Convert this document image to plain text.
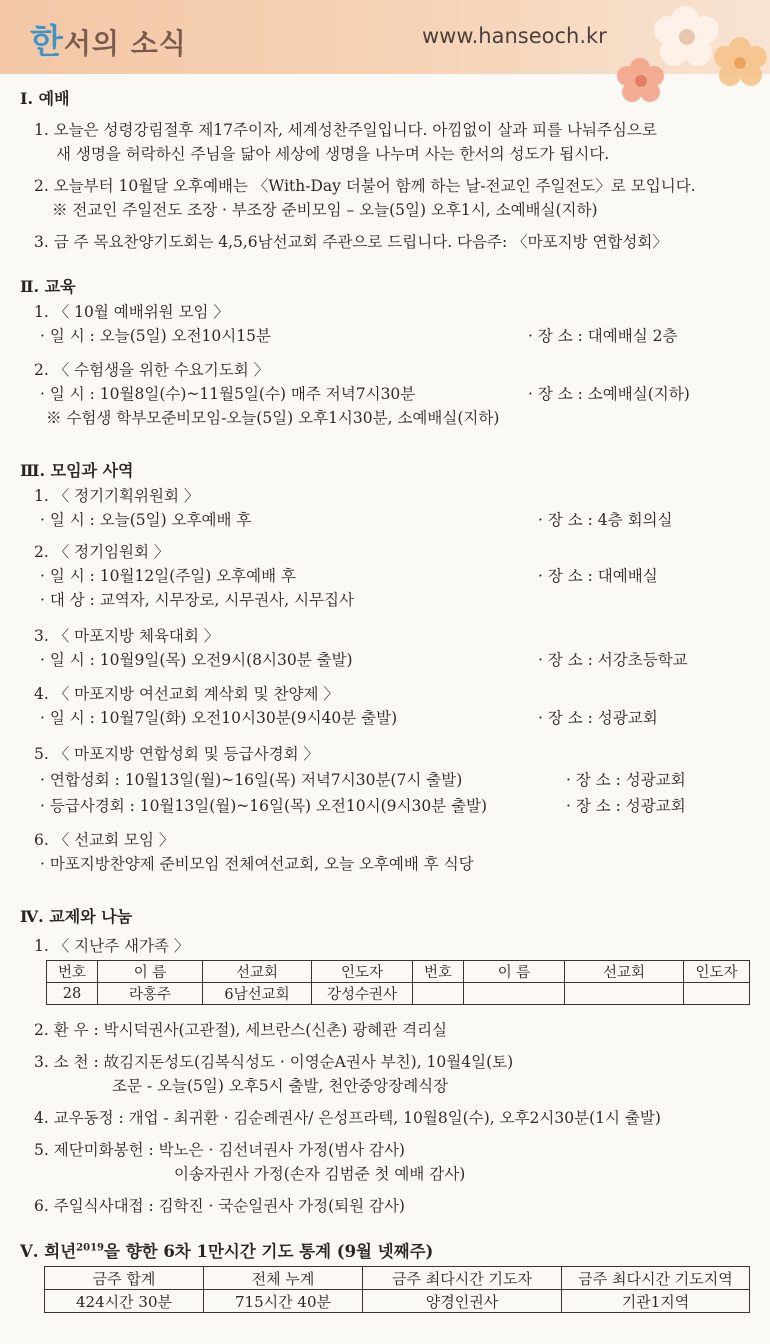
한서의 소식	www.hanseoch.kr
Ⅰ. 예배
1. 오늘은 성령강림절후 제17주이자, 세계성찬주일입니다. 아낌없이 살과 피를 나눠주심으로
새 생명을 허락하신 주님을 닮아 세상에 생명을 나누며 사는 한서의 성도가 됩시다.
2. 오늘부터 10월달 오후예배는 〈With-Day 더불어 함께 하는 날-전교인 주일전도〉로 모입니다.
※ 전교인 주일전도 조장 · 부조장 준비모임 – 오늘(5일) 오후1시, 소예배실(지하)
3. 금 주 목요찬양기도회는 4,5,6남선교회 주관으로 드립니다. 다음주: 〈마포지방 연합성회〉
Ⅱ. 교육
1. 〈 10월 예배위원 모임 〉
· 일 시 : 오늘(5일) 오전10시15분	· 장 소 : 대예배실 2층
2. 〈 수험생을 위한 수요기도회 〉
· 일 시 : 10월8일(수)~11월5일(수) 매주 저녁7시30분	· 장 소 : 소예배실(지하)
※ 수험생 학부모준비모임-오늘(5일) 오후1시30분, 소예배실(지하)
Ⅲ. 모임과 사역
1. 〈 정기기획위원회 〉
· 일 시 : 오늘(5일) 오후예배 후	· 장 소 : 4층 회의실
2. 〈 정기임원회 〉
· 일 시 : 10월12일(주일) 오후예배 후	· 장 소 : 대예배실
· 대 상 : 교역자, 시무장로, 시무권사, 시무집사
3. 〈 마포지방 체육대회 〉
· 일 시 : 10월9일(목) 오전9시(8시30분 출발)	· 장 소 : 서강초등학교
4. 〈 마포지방 여선교회 계삭회 및 찬양제 〉
· 일 시 : 10월7일(화) 오전10시30분(9시40분 출발)	· 장 소 : 성광교회
5. 〈 마포지방 연합성회 및 등급사경회 〉
· 연합성회 : 10월13일(월)~16일(목) 저녁7시30분(7시 출발)	· 장 소 : 성광교회
· 등급사경회 : 10월13일(월)~16일(목) 오전10시(9시30분 출발)	· 장 소 : 성광교회
6. 〈 선교회 모임 〉
· 마포지방찬양제 준비모임 전체여선교회, 오늘 오후예배 후 식당
Ⅳ. 교제와 나눔
1. 〈 지난주 새가족 〉
번호	이 름	선교회	인도자	번호	이 름	선교회	인도자
28	라홍주	6남선교회	강성수권사				
2. 환 우 : 박시덕권사(고관절), 세브란스(신촌) 광혜관 격리실
3. 소 천 : 故김지돈성도(김복식성도 · 이영순A권사 부친), 10월4일(토)
조문 - 오늘(5일) 오후5시 출발, 천안중앙장례식장
4. 교우동정 : 개업 - 최귀환 · 김순례권사/ 은성프라텍, 10월8일(수), 오후2시30분(1시 출발)
5. 제단미화봉헌 : 박노은 · 김선녀권사 가정(범사 감사)
이송자권사 가정(손자 김범준 첫 예배 감사)
6. 주일식사대접 : 김학진 · 국순일권사 가정(퇴원 감사)
Ⅴ. 희년$^{2019}$을 향한 6차 1만시간 기도 통계 (9월 넷째주)
금주 합계	전체 누계	금주 최다시간 기도자	금주 최다시간 기도지역
424시간 30분	715시간 40분	양경인권사	기관1지역
